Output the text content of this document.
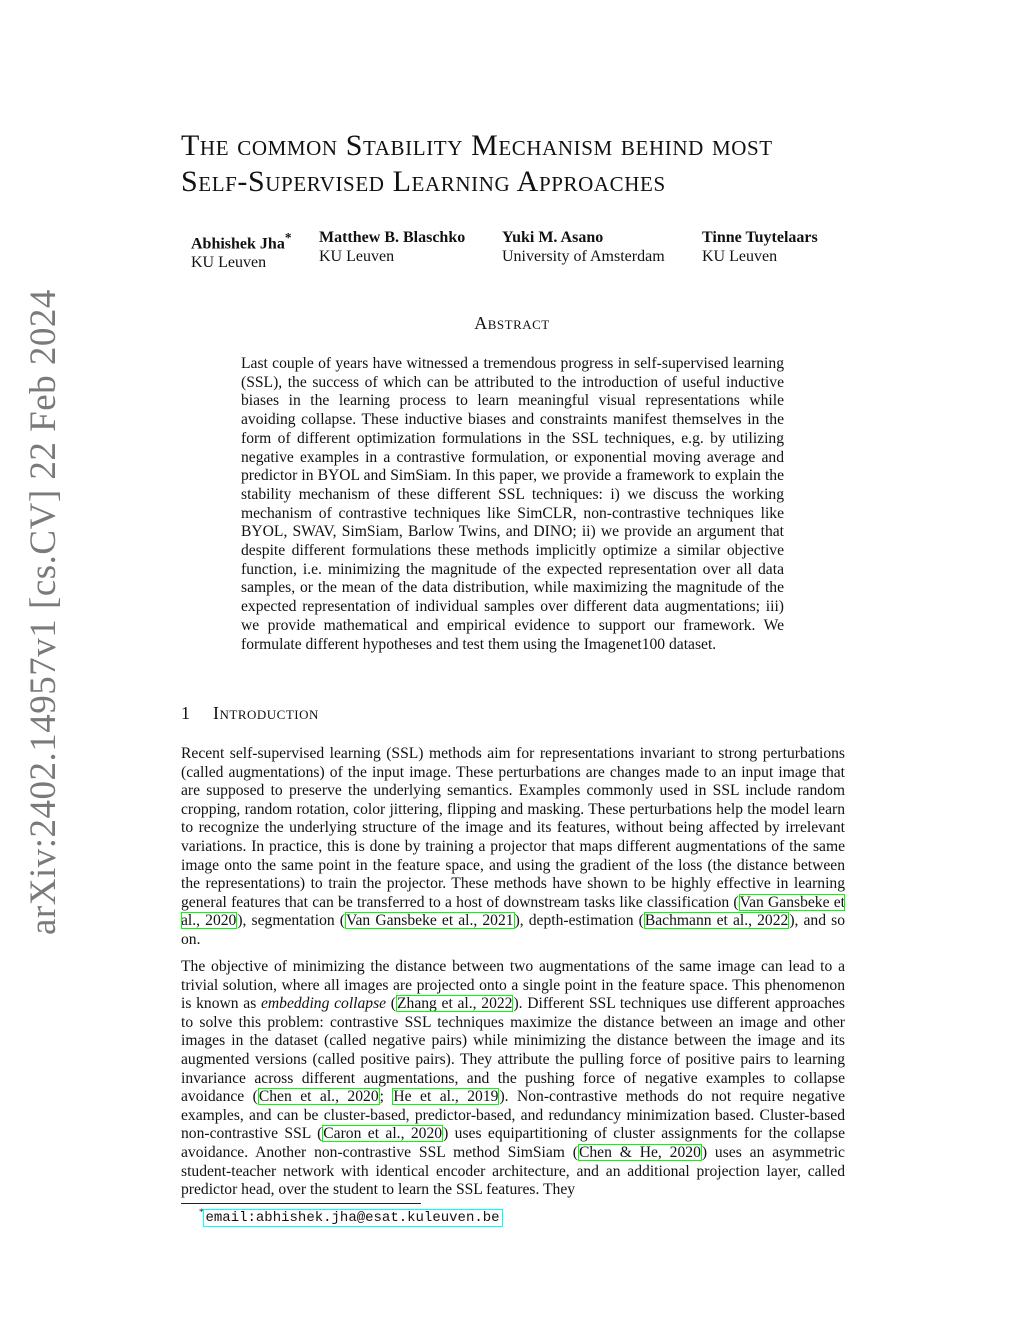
arXiv:2402.14957v1 [cs.CV] 22 Feb 2024
The common Stability Mechanism behind most
Self-Supervised Learning Approaches
Abhishek Jha*
KU Leuven
Matthew B. Blaschko
KU Leuven
Yuki M. Asano
University of Amsterdam
Tinne Tuytelaars
KU Leuven
Abstract

Last couple of years have witnessed a tremendous progress in self-supervised learning (SSL), the success of which can be attributed to the introduction of useful inductive biases in the learning process to learn meaningful visual representations while avoiding collapse. These inductive biases and constraints manifest themselves in the form of different optimization formulations in the SSL techniques, e.g. by utilizing negative examples in a contrastive formulation, or exponential moving average and predictor in BYOL and SimSiam. In this paper, we provide a framework to explain the stability mechanism of these different SSL techniques: i) we discuss the working mechanism of contrastive techniques like SimCLR, non-contrastive techniques like BYOL, SWAV, SimSiam, Barlow Twins, and DINO; ii) we provide an argument that despite different formulations these methods implicitly optimize a similar objective function, i.e. minimizing the magnitude of the expected representation over all data samples, or the mean of the data distribution, while maximizing the magnitude of the expected representation of individual samples over different data augmentations; iii) we provide mathematical and empirical evidence to support our framework. We formulate different hypotheses and test them using the Imagenet100 dataset.

1 Introduction

Recent self-supervised learning (SSL) methods aim for representations invariant to strong perturbations (called augmentations) of the input image. These perturbations are changes made to an input image that are supposed to preserve the underlying semantics. Examples commonly used in SSL include random cropping, random rotation, color jittering, flipping and masking. These perturbations help the model learn to recognize the underlying structure of the image and its features, without being affected by irrelevant variations. In practice, this is done by training a projector that maps different augmentations of the same image onto the same point in the feature space, and using the gradient of the loss (the distance between the representations) to train the projector. These methods have shown to be highly effective in learning general features that can be transferred to a host of downstream tasks like classification (Van Gansbeke et al., 2020), segmentation (Van Gansbeke et al., 2021), depth-estimation (Bachmann et al., 2022), and so on.

The objective of minimizing the distance between two augmentations of the same image can lead to a trivial solution, where all images are projected onto a single point in the feature space. This phenomenon is known as embedding collapse (Zhang et al., 2022). Different SSL techniques use different approaches to solve this problem: contrastive SSL techniques maximize the distance between an image and other images in the dataset (called negative pairs) while minimizing the distance between the image and its augmented versions (called positive pairs). They attribute the pulling force of positive pairs to learning invariance across different augmentations, and the pushing force of negative examples to collapse avoidance (Chen et al., 2020; He et al., 2019). Non-contrastive methods do not require negative examples, and can be cluster-based, predictor-based, and redundancy minimization based. Cluster-based non-contrastive SSL (Caron et al., 2020) uses equipartitioning of cluster assignments for the collapse avoidance. Another non-contrastive SSL method SimSiam (Chen & He, 2020) uses an asymmetric student-teacher network with identical encoder architecture, and an additional projection layer, called predictor head, over the student to learn the SSL features. They

* email:abhishek.jha@esat.kuleuven.be
